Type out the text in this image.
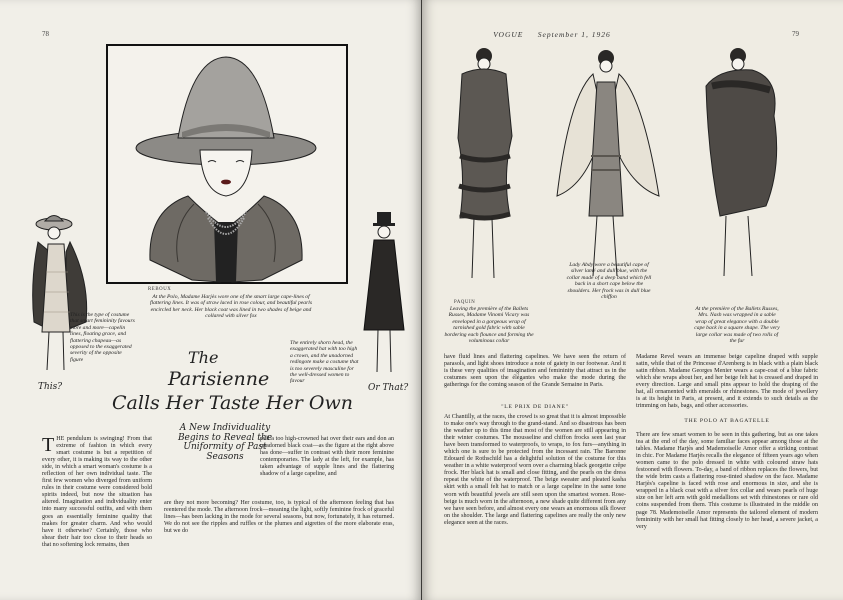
78
REBOUX
At the Polo, Madame Harjès wore one of the smart large cape-lines of flattering lines. It was of straw laced in rose colour, and beautiful pearls encircled her neck. Her black coat was lined in two shades of beige and collared with silver fox
This?
This is the type of costume that smart femininity favours more and more—capelin lines, floating grace, and flattering chapeau—as opposed to the exaggerated severity of the opposite figure
Or That?
The entirely shorn head, the exaggerated hat with too high a crown, and the unadorned redingote make a costume that is too severely masculine for the well-dressed women to favour
The
Parisienne
Calls Her Taste Her Own
A New Individuality
Begins to Reveal the
Uniformity of Past
Seasons
THE pendulum is swinging! From that extreme of fashion in which every smart costume is but a repetition of every other, it is making its way to the other side, in which a smart woman's costume is a reflection of her own individual taste. The first few women who diverged from uniform rules in their costume were considered bold spirits indeed, but now the situation has altered. Imagination and individuality enter into many successful outfits, and with them goes an essentially feminine quality that makes for greater charm. And who would have it otherwise? Certainly, those who shear their hair too close to their heads so that no softening lock remains, then
pull a too high-crowned hat over their ears and don an unadorned black coat—as the figure at the right above has done—suffer in contrast with their more feminine contemporaries. The lady at the left, for example, has taken advantage of supple lines and the flattering shadow of a large capeline, and
are they not more becoming? Her costume, too, is typical of the afternoon feeling that has reentered the mode. The afternoon frock—meaning the light, softly feminine frock of graceful lines—has been lacking in the mode for several seasons, but now, fortunately, it has returned. We do not see the ripples and ruffles or the plumes and aigrettes of the more elaborate eras, but we do
VOGUE     September 1, 1926	79
PAQUIN
Leaving the première of the Ballets Russes, Madame Vinomi Vicary was enveloped in a gorgeous wrap of tarnished gold fabric with sable bordering each flounce and forming the voluminous collar
Lady Abdy wore a beautiful cape of silver lamé and dull blue, with the collar made of a deep band which fell back in a short cape below the shoulders. Her frock was in dull blue chiffon
At the première of the Ballets Russes, Mrs. Nash was wrapped in a sable wrap of great elegance with a double cape back in a square shape. The very large collar was made of two rolls of the fur
have fluid lines and flattering capelines. We have seen the return of parasols, and light shoes introduce a note of gaiety in our footwear. And it is these very qualities of imagination and femininity that attract us in the costumes seen upon the élégantes who make the mode during the gatherings for the coming season of the Grande Semaine in Paris.
"LE PRIX DE DIANE"
At Chantilly, at the races, the crowd is so great that it is almost impossible to make one's way through to the grand-stand. And so disastrous has been the weather up to this time that most of the women are still appearing in their winter costumes. The mousseline and chiffon frocks seen last year have been transformed to waterproofs, to wraps, to fox furs—anything in which one is sure to be protected from the incessant rain. The Baronne Edouard de Rothschild has a delightful solution of the costume for this weather in a white waterproof worn over a charming black georgette crêpe frock. Her black hat is small and close fitting, and the pearls on the dress repeat the white of the waterproof. The beige sweater and pleated kasha skirt with a small felt hat to match or a large capeline in the same tone worn with beautiful jewels are still seen upon the smartest women. Rose-beige is much worn in the afternoon, a new shade quite different from any we have seen before, and almost every one wears an enormous silk flower on the shoulder. The large and flattering capelines are really the only new elegance seen at the races.
Madame Revel wears an immense beige capeline draped with supple satin, while that of the Princesse d'Arenberg is in black with a plain black satin ribbon. Madame Georges Menier wears a cape-coat of a blue fabric which she wraps about her, and her beige felt hat is creased and draped in every direction. Large and small pins appear to hold the draping of the hat, all ornamented with emeralds or rhinestones. The mode of jewellery is at its height in Paris, at present, and it extends to such details as the trimming on hats, bags, and other accessories.
THE POLO AT BAGATELLE
There are few smart women to be seen in this gathering, but as one takes tea at the end of the day, some familiar faces appear among those at the tables. Madame Harjès and Mademoiselle Amor offer a striking contrast in chic. For Madame Harjès recalls the elegance of fifteen years ago when women came to the polo dressed in white with coloured straw hats festooned with flowers. To-day, a band of ribbon replaces the flowers, but the wide brim casts a flattering rose-tinted shadow on the face. Madame Harjès's capeline is faced with rose and enormous in size, and she is wrapped in a black coat with a silver fox collar and wears pearls of huge size on her left arm with gold medallions set with rhinestones or rare old coins suspended from them. This costume is illustrated in the middle on page 78. Mademoiselle Amor represents the tailored element of modern femininity with her small hat fitting closely to her head, a severe jacket, a very
